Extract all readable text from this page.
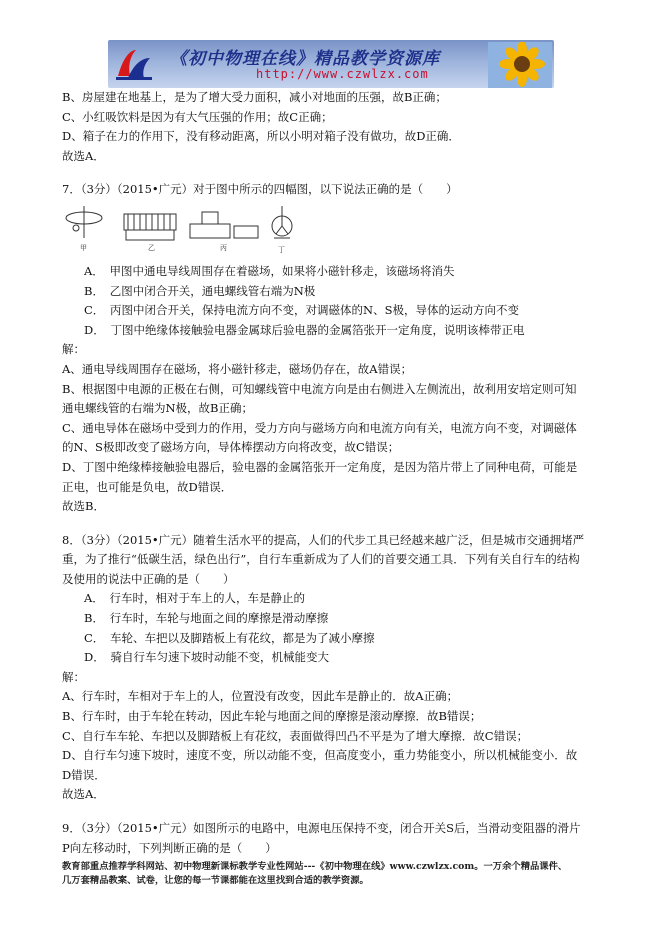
《初中物理在线》精品教学资源库
http://www.czwlzx.com

B、房屋建在地基上，是为了增大受力面积，减小对地面的压强，故B正确；

C、小红吸饮料是因为有大气压强的作用；故C正确；

D、箱子在力的作用下，没有移动距离，所以小明对箱子没有做功，故D正确．

故选A．

7．（3分）（2015•广元）对于图中所示的四幅图，以下说法正确的是（　　）

甲	乙	丙	丁

A．　甲图中通电导线周围存在着磁场，如果将小磁针移走，该磁场将消失

B．　乙图中闭合开关，通电螺线管右端为N极

C．　丙图中闭合开关，保持电流方向不变，对调磁体的N、S极，导体的运动方向不变

D．　丁图中绝缘体接触验电器金属球后验电器的金属箔张开一定角度，说明该棒带正电

解：

A、通电导线周围存在磁场，将小磁针移走，磁场仍存在，故A错误；

B、根据图中电源的正极在右侧，可知螺线管中电流方向是由右侧进入左侧流出，故利用安培定则可知

通电螺线管的右端为N极，故B正确；

C、通电导体在磁场中受到力的作用，受力方向与磁场方向和电流方向有关，电流方向不变，对调磁体

的N、S极即改变了磁场方向，导体棒摆动方向将改变，故C错误；

D、丁图中绝缘棒接触验电器后，验电器的金属箔张开一定角度，是因为箔片带上了同种电荷，可能是

正电，也可能是负电，故D错误．

故选B．

8．（3分）（2015•广元）随着生活水平的提高，人们的代步工具已经越来越广泛，但是城市交通拥堵严

重，为了推行“低碳生活，绿色出行”，自行车重新成为了人们的首要交通工具．下列有关自行车的结构

及使用的说法中正确的是（　　）

A．　行车时，相对于车上的人，车是静止的

B．　行车时，车轮与地面之间的摩擦是滑动摩擦

C．　车轮、车把以及脚踏板上有花纹，都是为了减小摩擦

D．　骑自行车匀速下坡时动能不变，机械能变大

解：

A、行车时，车相对于车上的人，位置没有改变，因此车是静止的．故A正确；

B、行车时，由于车轮在转动，因此车轮与地面之间的摩擦是滚动摩擦．故B错误；

C、自行车车轮、车把以及脚踏板上有花纹，表面做得凹凸不平是为了增大摩擦．故C错误；

D、自行车匀速下坡时，速度不变，所以动能不变，但高度变小，重力势能变小，所以机械能变小．故

D错误．

故选A．

9．（3分）（2015•广元）如图所示的电路中，电源电压保持不变，闭合开关S后，当滑动变阻器的滑片

P向左移动时，下列判断正确的是（　　）

教育部重点推荐学科网站、初中物理新课标教学专业性网站---《初中物理在线》www.czwlzx.com。一万余个精品课件、
几万套精品教案、试卷，让您的每一节课都能在这里找到合适的教学资源。
